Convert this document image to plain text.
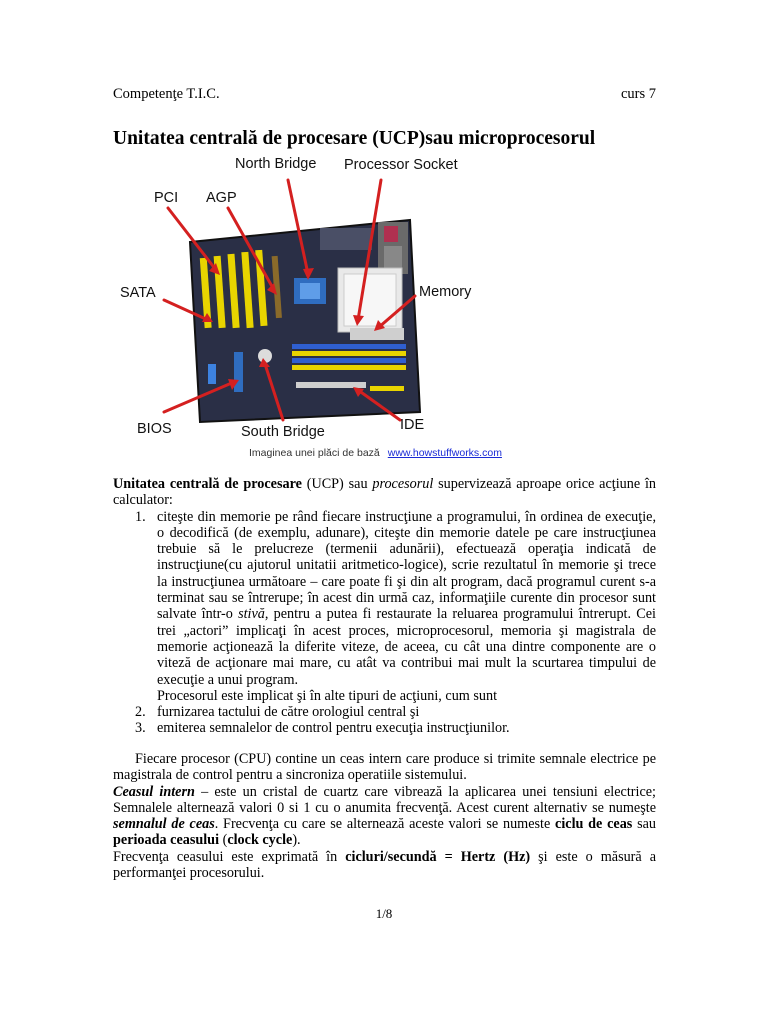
Competenţe T.I.C.	curs 7
Unitatea centrală de procesare (UCP)sau microprocesorul
North Bridge Processor Socket
PCI AGP
SATA	Memory
BIOS	South Bridge	IDE
Imaginea unei plăci de bază www.howstuffworks.com
Unitatea centrală de procesare (UCP) sau procesorul supervizează aproape orice acţiune în calculator:
1. citeşte din memorie pe rând fiecare instrucţiune a programului, în ordinea de execuţie, o decodifică (de exemplu, adunare), citeşte din memorie datele pe care instrucţiunea trebuie să le prelucreze (termenii adunării), efectuează operaţia indicată de instrucţiune(cu ajutorul unitatii aritmetico-logice), scrie rezultatul în memorie şi trece la instrucţiunea următoare – care poate fi şi din alt program, dacă programul curent s-a terminat sau se întrerupe; în acest din urmă caz, informaţiile curente din procesor sunt salvate într-o stivă, pentru a putea fi restaurate la reluarea programului întrerupt. Cei trei „actori” implicaţi în acest proces, microprocesorul, memoria şi magistrala de memorie acţionează la diferite viteze, de aceea, cu cât una dintre componente are o viteză de acţionare mai mare, cu atât va contribui mai mult la scurtarea timpului de execuţie a unui program.
Procesorul este implicat şi în alte tipuri de acţiuni, cum sunt
2. furnizarea tactului de către orologiul central şi
3. emiterea semnalelor de control pentru execuţia instrucţiunilor.
Fiecare procesor (CPU) contine un ceas intern care produce si trimite semnale electrice pe magistrala de control pentru a sincroniza operatiile sistemului.
Ceasul intern – este un cristal de cuartz care vibrează la aplicarea unei tensiuni electrice; Semnalele alternează valori 0 si 1 cu o anumita frecvenţă. Acest curent alternativ se numeşte semnalul de ceas. Frecvenţa cu care se alternează aceste valori se numeste ciclu de ceas sau perioada ceasului (clock cycle).
Frecvenţa ceasului este exprimată în cicluri/secundă = Hertz (Hz) şi este o măsură a performanţei procesorului.
1/8
